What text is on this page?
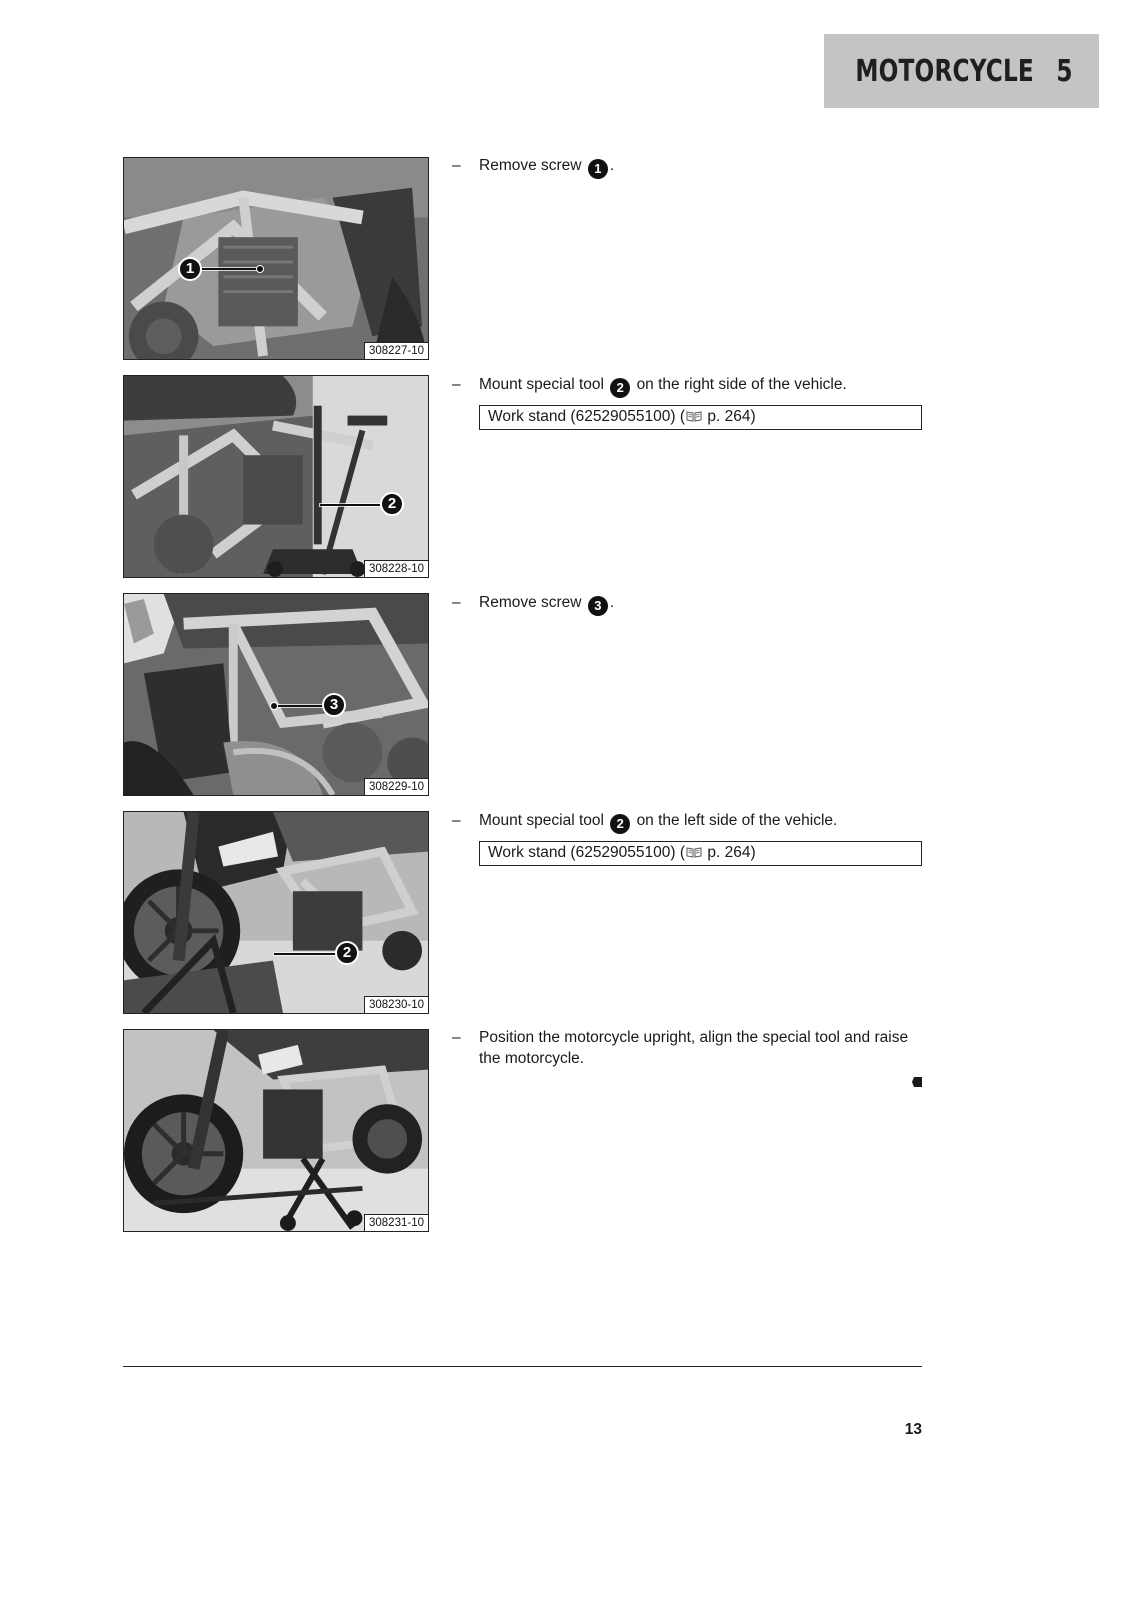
MOTORCYCLE 5
1
308227-10
2
308228-10
3
308229-10
2
308230-10
308231-10
– Remove screw 1 .
– Mount special tool 2 on the right side of the vehicle.
Work stand (62529055100) ( p. 264)
– Remove screw 3 .
– Mount special tool 2 on the left side of the vehicle.
Work stand (62529055100) ( p. 264)
– Position the motorcycle upright, align the special tool and raise the motorcycle.
13
